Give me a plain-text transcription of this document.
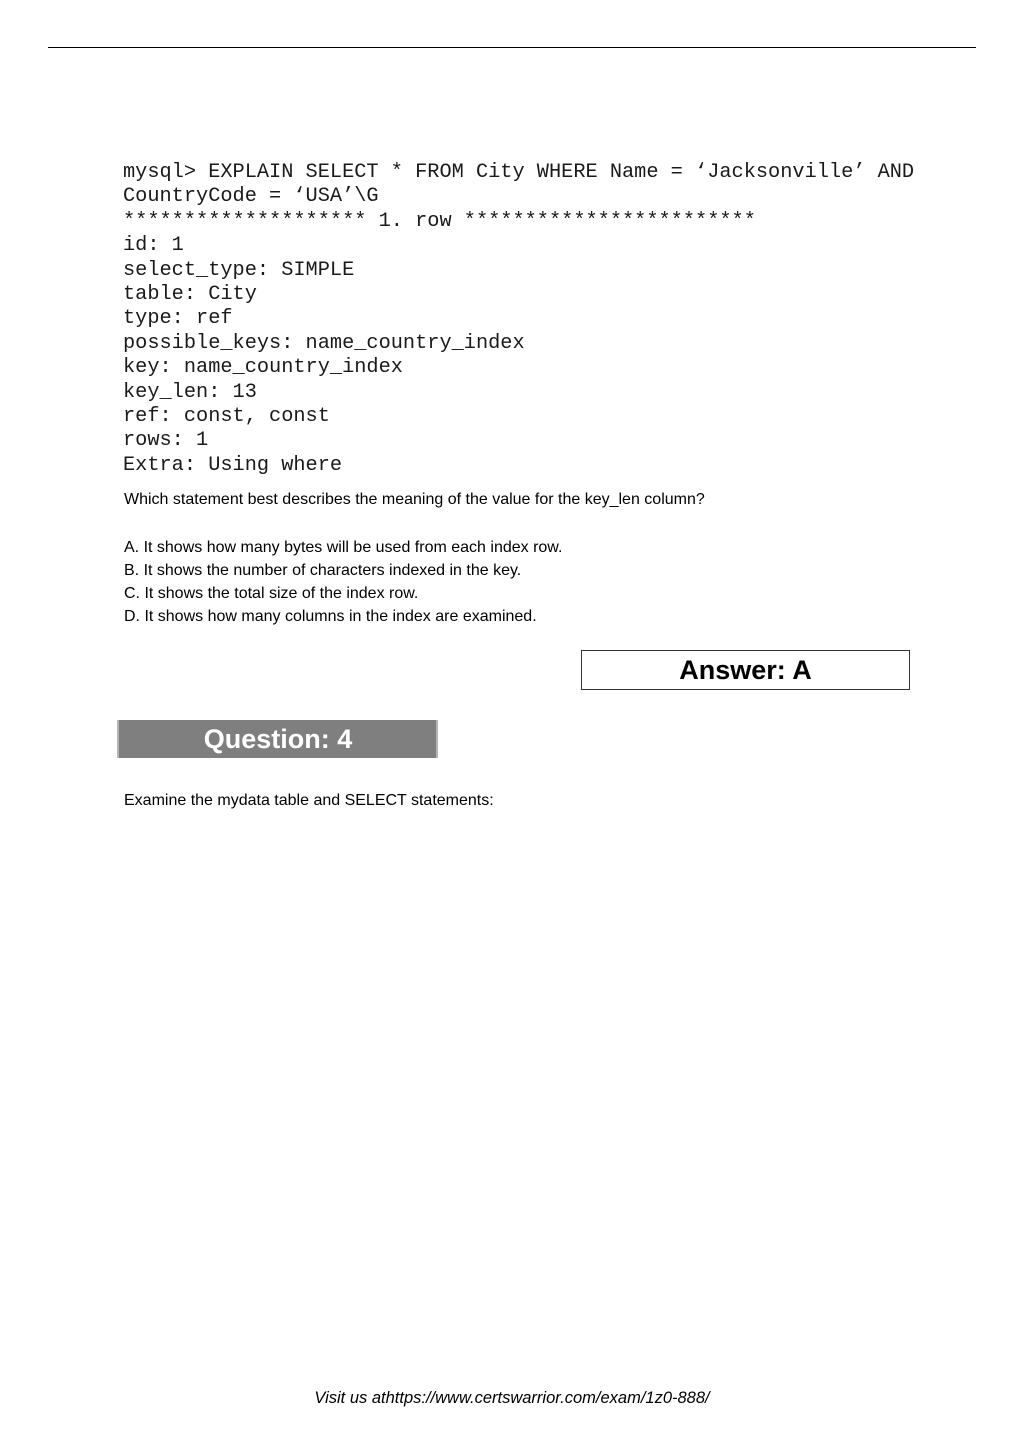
mysql> EXPLAIN SELECT * FROM City WHERE Name = ‘Jacksonville’ AND
CountryCode = ‘USA’\G
******************** 1. row ************************
id: 1
select_type: SIMPLE
table: City
type: ref
possible_keys: name_country_index
key: name_country_index
key_len: 13
ref: const, const
rows: 1
Extra: Using where
Which statement best describes the meaning of the value for the key_len column?
A. It shows how many bytes will be used from each index row.
B. It shows the number of characters indexed in the key.
C. It shows the total size of the index row.
D. It shows how many columns in the index are examined.
Answer: A
Question: 4
Examine the mydata table and SELECT statements:
Visit us athttps://www.certswarrior.com/exam/1z0-888/
